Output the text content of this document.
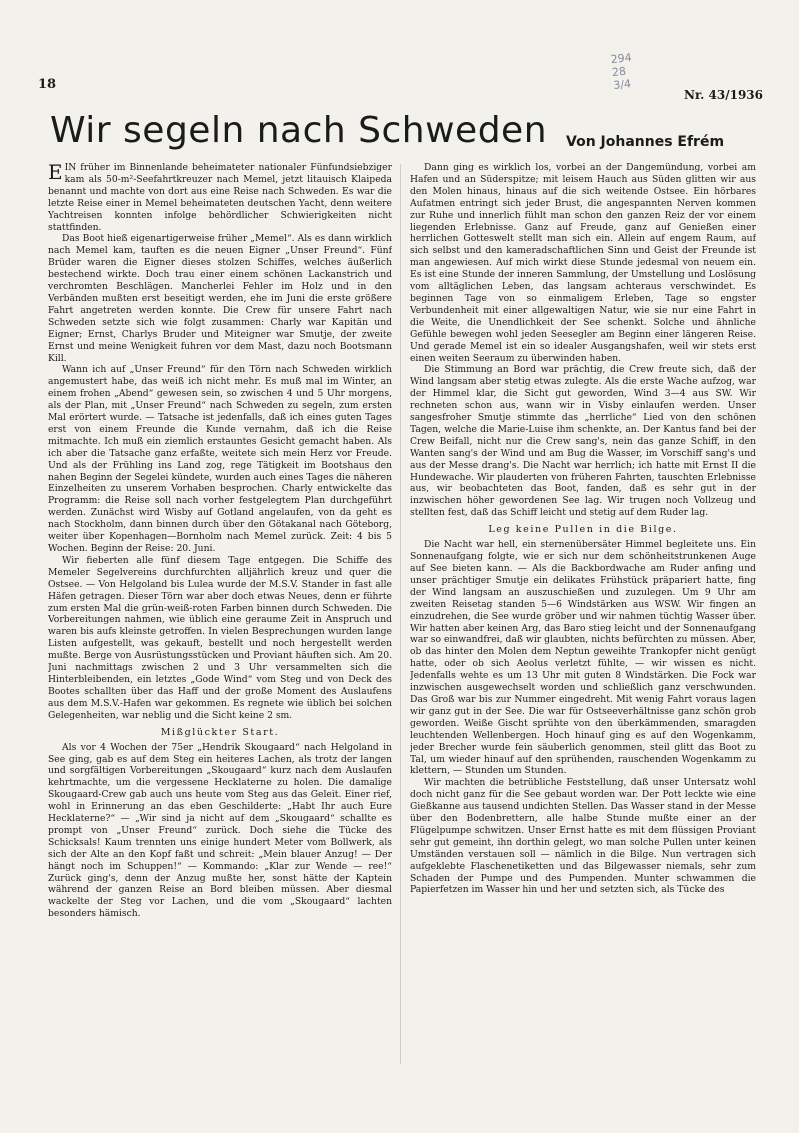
18
294
28
3/4
Nr. 43/1936
Wir segeln nach Schweden Von Johannes Efrém

EIN früher im Binnenlande beheimateter nationaler Fünfundsiebziger kam als 50-m²-Seefahrtkreuzer nach Memel, jetzt litauisch Klaipeda benannt und machte von dort aus eine Reise nach Schweden. Es war die letzte Reise einer in Memel beheimateten deutschen Yacht, denn weitere Yachtreisen konnten infolge behördlicher Schwierigkeiten nicht stattfinden.

Das Boot hieß eigenartigerweise früher „Memel“. Als es dann wirklich nach Memel kam, tauften es die neuen Eigner „Unser Freund“. Fünf Brüder waren die Eigner dieses stolzen Schiffes, welches äußerlich bestechend wirkte. Doch trau einer einem schönen Lackanstrich und verchromten Beschlägen. Mancherlei Fehler im Holz und in den Verbänden mußten erst beseitigt werden, ehe im Juni die erste größere Fahrt angetreten werden konnte. Die Crew für unsere Fahrt nach Schweden setzte sich wie folgt zusammen: Charly war Kapitän und Eigner; Ernst, Charlys Bruder und Miteigner war Smutje, der zweite Ernst und meine Wenigkeit fuhren vor dem Mast, dazu noch Bootsmann Kill.

Wann ich auf „Unser Freund“ für den Törn nach Schweden wirklich angemustert habe, das weiß ich nicht mehr. Es muß mal im Winter, an einem frohen „Abend“ gewesen sein, so zwischen 4 und 5 Uhr morgens, als der Plan, mit „Unser Freund“ nach Schweden zu segeln, zum ersten Mal erörtert wurde. — Tatsache ist jedenfalls, daß ich eines guten Tages erst von einem Freunde die Kunde vernahm, daß ich die Reise mitmachte. Ich muß ein ziemlich erstauntes Gesicht gemacht haben. Als ich aber die Tatsache ganz erfaßte, weitete sich mein Herz vor Freude. Und als der Frühling ins Land zog, rege Tätigkeit im Bootshaus den nahen Beginn der Segelei kündete, wurden auch eines Tages die näheren Einzelheiten zu unserem Vorhaben besprochen. Charly entwickelte das Programm: die Reise soll nach vorher festgelegtem Plan durchgeführt werden. Zunächst wird Wisby auf Gotland angelaufen, von da geht es nach Stockholm, dann binnen durch über den Götakanal nach Göteborg, weiter über Kopenhagen—Bornholm nach Memel zurück. Zeit: 4 bis 5 Wochen. Beginn der Reise: 20. Juni.

Wir fieberten alle fünf diesem Tage entgegen. Die Schiffe des Memeler Segelvereins durchfurchten alljährlich kreuz und quer die Ostsee. — Von Helgoland bis Lulea wurde der M.S.V. Stander in fast alle Häfen getragen. Dieser Törn war aber doch etwas Neues, denn er führte zum ersten Mal die grün-weiß-roten Farben binnen durch Schweden. Die Vorbereitungen nahmen, wie üblich eine geraume Zeit in Anspruch und waren bis aufs kleinste getroffen. In vielen Besprechungen wurden lange Listen aufgestellt, was gekauft, bestellt und noch hergestellt werden mußte. Berge von Ausrüstungsstücken und Proviant häuften sich. Am 20. Juni nachmittags zwischen 2 und 3 Uhr versammelten sich die Hinterbleibenden, ein letztes „Gode Wind“ vom Steg und von Deck des Bootes schallten über das Haff und der große Moment des Auslaufens aus dem M.S.V.-Hafen war gekommen. Es regnete wie üblich bei solchen Gelegenheiten, war neblig und die Sicht keine 2 sm.

Mißglückter Start.

Als vor 4 Wochen der 75er „Hendrik Skougaard“ nach Helgoland in See ging, gab es auf dem Steg ein heiteres Lachen, als trotz der langen und sorgfältigen Vorbereitungen „Skougaard“ kurz nach dem Auslaufen kehrtmachte, um die vergessene Hecklaterne zu holen. Die damalige Skougaard-Crew gab auch uns heute vom Steg aus das Geleit. Einer rief, wohl in Erinnerung an das eben Geschilderte: „Habt Ihr auch Eure Hecklaterne?“ — „Wir sind ja nicht auf dem „Skougaard“ schallte es prompt von „Unser Freund“ zurück. Doch siehe die Tücke des Schicksals! Kaum trennten uns einige hundert Meter vom Bollwerk, als sich der Alte an den Kopf faßt und schreit: „Mein blauer Anzug! — Der hängt noch im Schuppen!“ — Kommando: „Klar zur Wende — ree!“ Zurück ging's, denn der Anzug mußte her, sonst hätte der Kaptein während der ganzen Reise an Bord bleiben müssen. Aber diesmal wackelte der Steg vor Lachen, und die vom „Skougaard“ lachten besonders hämisch.

Dann ging es wirklich los, vorbei an der Dangemündung, vorbei am Hafen und an Süderspitze; mit leisem Hauch aus Süden glitten wir aus den Molen hinaus, hinaus auf die sich weitende Ostsee. Ein hörbares Aufatmen entringt sich jeder Brust, die angespannten Nerven kommen zur Ruhe und innerlich fühlt man schon den ganzen Reiz der vor einem liegenden Erlebnisse. Ganz auf Freude, ganz auf Genießen einer herrlichen Gotteswelt stellt man sich ein. Allein auf engem Raum, auf sich selbst und den kameradschaftlichen Sinn und Geist der Freunde ist man angewiesen. Auf mich wirkt diese Stunde jedesmal von neuem ein. Es ist eine Stunde der inneren Sammlung, der Umstellung und Loslösung vom alltäglichen Leben, das langsam achteraus verschwindet. Es beginnen Tage von so einmaligem Erleben, Tage so engster Verbundenheit mit einer allgewaltigen Natur, wie sie nur eine Fahrt in die Weite, die Unendlichkeit der See schenkt. Solche und ähnliche Gefühle bewegen wohl jeden Seesegler am Beginn einer längeren Reise. Und gerade Memel ist ein so idealer Ausgangshafen, weil wir stets erst einen weiten Seeraum zu überwinden haben.

Die Stimmung an Bord war prächtig, die Crew freute sich, daß der Wind langsam aber stetig etwas zulegte. Als die erste Wache aufzog, war der Himmel klar, die Sicht gut geworden, Wind 3—4 aus SW. Wir rechneten schon aus, wann wir in Visby einlaufen werden. Unser sangesfroher Smutje stimmte das „herrliche“ Lied von den schönen Tagen, welche die Marie-Luise ihm schenkte, an. Der Kantus fand bei der Crew Beifall, nicht nur die Crew sang's, nein das ganze Schiff, in den Wanten sang's der Wind und am Bug die Wasser, im Vorschiff sang's und aus der Messe drang's. Die Nacht war herrlich; ich hatte mit Ernst II die Hundewache. Wir plauderten von früheren Fahrten, tauschten Erlebnisse aus, wir beobachteten das Boot, fanden, daß es sehr gut in der inzwischen höher gewordenen See lag. Wir trugen noch Vollzeug und stellten fest, daß das Schiff leicht und stetig auf dem Ruder lag.

Leg keine Pullen in die Bilge.

Die Nacht war hell, ein sternenübersäter Himmel begleitete uns. Ein Sonnenaufgang folgte, wie er sich nur dem schönheitstrunkenen Auge auf See bieten kann. — Als die Backbordwache am Ruder anfing und unser prächtiger Smutje ein delikates Frühstück präpariert hatte, fing der Wind langsam an auszuschießen und zuzulegen. Um 9 Uhr am zweiten Reisetag standen 5—6 Windstärken aus WSW. Wir fingen an einzudrehen, die See wurde gröber und wir nahmen tüchtig Wasser über. Wir hatten aber keinen Arg, das Baro stieg leicht und der Sonnenaufgang war so einwandfrei, daß wir glaubten, nichts befürchten zu müssen. Aber, ob das hinter den Molen dem Neptun geweihte Trankopfer nicht genügt hatte, oder ob sich Aeolus verletzt fühlte, — wir wissen es nicht. Jedenfalls wehte es um 13 Uhr mit guten 8 Windstärken. Die Fock war inzwischen ausgewechselt worden und schließlich ganz verschwunden. Das Groß war bis zur Nummer eingedreht. Mit wenig Fahrt voraus lagen wir ganz gut in der See. Die war für Ostseeverhältnisse ganz schön grob geworden. Weiße Gischt sprühte von den überkämmenden, smaragden leuchtenden Wellenbergen. Hoch hinauf ging es auf den Wogenkamm, jeder Brecher wurde fein säuberlich genommen, steil glitt das Boot zu Tal, um wieder hinauf auf den sprühenden, rauschenden Wogenkamm zu klettern, — Stunden um Stunden.

Wir machten die betrübliche Feststellung, daß unser Untersatz wohl doch nicht ganz für die See gebaut worden war. Der Pott leckte wie eine Gießkanne aus tausend undichten Stellen. Das Wasser stand in der Messe über den Bodenbrettern, alle halbe Stunde mußte einer an der Flügelpumpe schwitzen. Unser Ernst hatte es mit dem flüssigen Proviant sehr gut gemeint, ihn dorthin gelegt, wo man solche Pullen unter keinen Umständen verstauen soll — nämlich in die Bilge. Nun vertragen sich aufgeklebte Flaschenetiketten und das Bilgewasser niemals, sehr zum Schaden der Pumpe und des Pumpenden. Munter schwammen die Papierfetzen im Wasser hin und her und setzten sich, als Tücke des
